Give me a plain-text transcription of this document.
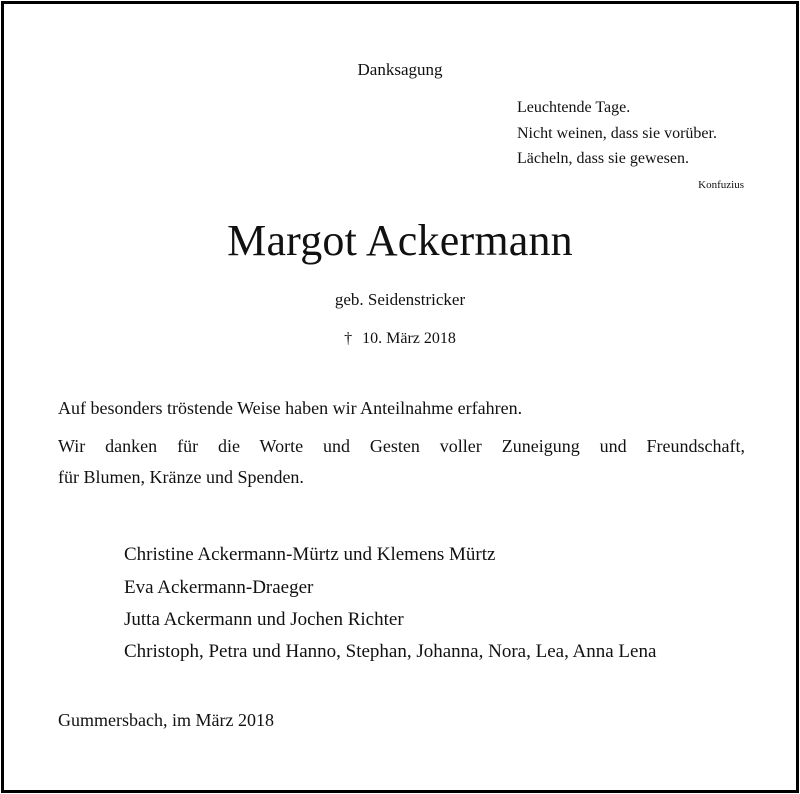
Danksagung
Leuchtende Tage.
Nicht weinen, dass sie vorüber.
Lächeln, dass sie gewesen.
Konfuzius
Margot Ackermann
geb. Seidenstricker
† 10. März 2018
Auf besonders tröstende Weise haben wir Anteilnahme erfahren.
Wir danken für die Worte und Gesten voller Zuneigung und Freundschaft,
für Blumen, Kränze und Spenden.
Christine Ackermann-Mürtz und Klemens Mürtz
Eva Ackermann-Draeger
Jutta Ackermann und Jochen Richter
Christoph, Petra und Hanno, Stephan, Johanna, Nora, Lea, Anna Lena
Gummersbach, im März 2018
